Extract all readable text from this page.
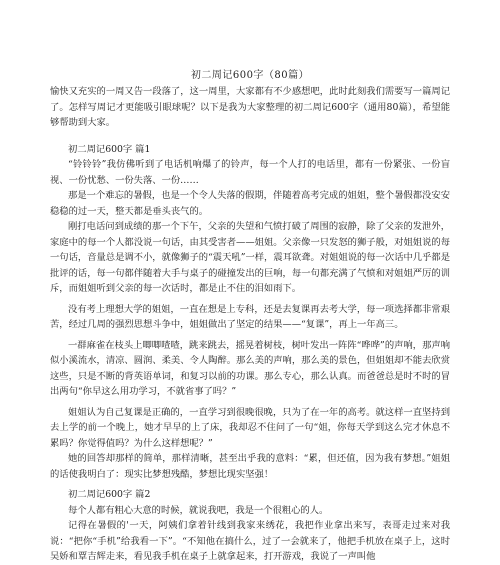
初二周记600字（80篇）

愉快又充实的一周又告一段落了，这一周里，大家都有不少感想吧，此时此刻我们需要写一篇周记了。怎样写周记才更能吸引眼球呢？以下是我为大家整理的初二周记600字（通用80篇），希望能够帮助到大家。

初二周记600字 篇1

“铃铃铃”我仿佛听到了电话机响爆了的铃声，每一个人打的电话里，都有一份紧张、一份盲视、一份忧愁、一份失落、一份……

那是一个难忘的暑假，也是一个令人失落的假期，伴随着高考完成的姐姐，整个暑假都没安安稳稳的过一天，整天都是垂头丧气的。

刚打电话问到成绩的那一个下午，父亲的失望和气愤打破了周围的寂静，除了父亲的发泄外，家庭中的每一个人都没说一句话，由其受害者——姐姐。父亲像一只发怒的狮子般，对姐姐说的每一句话，音量总是调不小，就像狮子的“震天吼”一样，震耳欲聋。对姐姐说的每一次话中几乎都是批评的话，每一句都伴随着大手与桌子的碰撞发出的巨响，每一句都充满了气愤和对姐姐严厉的训斥，而姐姐听到父亲的每一次话时，都是止不住的泪如雨下。

没有考上理想大学的姐姐，一直在想是上专科，还是去复课再去考大学，每一项选择都非常艰苦，经过几周的强烈思想斗争中，姐姐做出了坚定的结果——“复课”，再上一年高三。

一群麻雀在枝头上唧唧喳喳，跳来跳去，摇晃着树枝，树叶发出一阵阵“哗哗”的声响，那声响似小溪流水，清凉、圆润、柔美、令人陶醉。那么美的声响，那么美的景色，但姐姐却不能去欣赏这些，只是不断的背英语单词，和复习以前的功课。那么专心，那么认真。而爸爸总是时不时的冒出两句“你早这么用功学习，不就省事了吗？”

姐姐认为自己复课是正确的，一直学习到很晚很晚，只为了在一年的高考。就这样一直坚持到去上学的前一个晚上，她才早早的上了床，我却忍不住问了一句“姐，你每天学到这么完才休息不累吗？你觉得值吗？为什么这样想呢？”

她的回答却那样的简单，那样清晰，甚至出乎我的意料：“累，但还值，因为我有梦想。”姐姐的话使我明白了：现实比梦想残酷，梦想比现实坚强！

初二周记600字 篇2

每个人都有粗心大意的时候，就说我吧，我是一个很粗心的人。

记得在暑假的'一天，阿姨们拿着针线到我家来绣花，我把作业拿出来写，表哥走过来对我说：“把你“手机”给我看一下”。“不知他在搞什么，过了一会就来了，他把手机放在桌子上，这时吴娇和覃吉辉走来，看见我手机在桌子上就拿起来，打开游戏，我说了一声叫他
